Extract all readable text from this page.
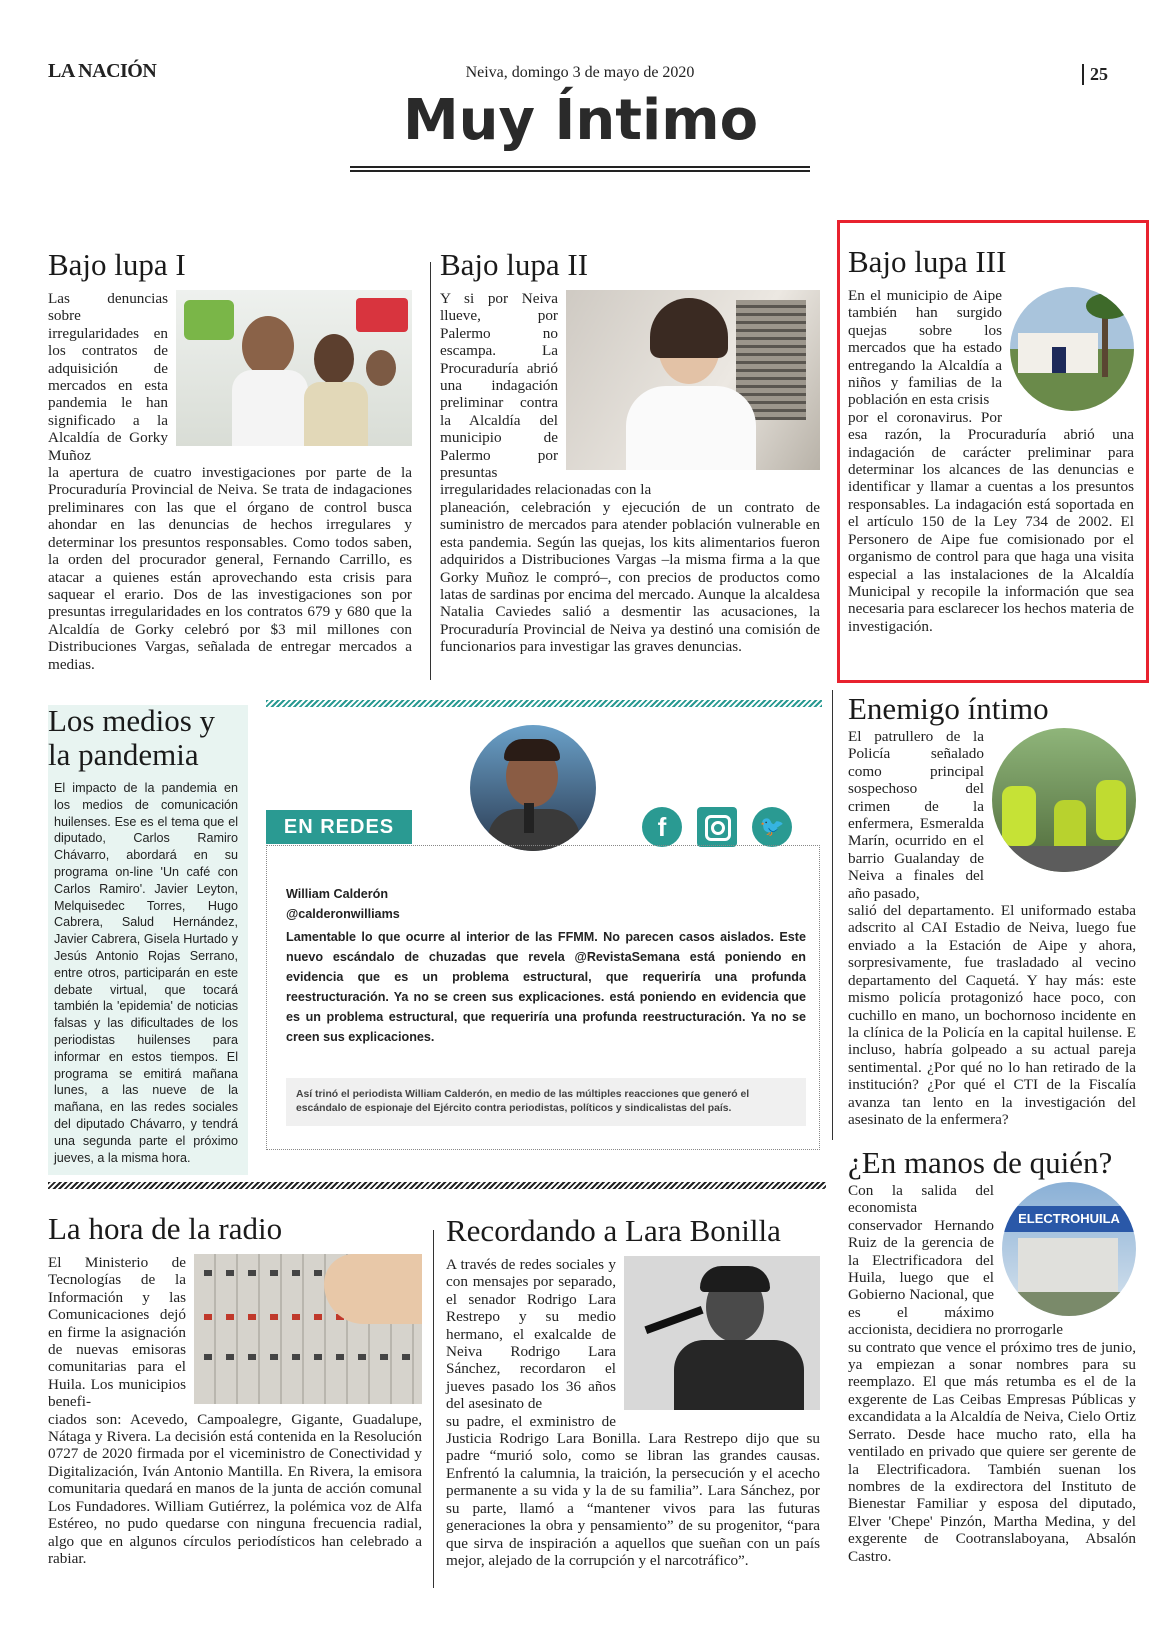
LA NACIÓN	Neiva, domingo 3 de mayo de 2020	25
Muy Íntimo
Bajo lupa I

Las denuncias sobre irregularidades en los contratos de adquisición de mercados en esta pandemia le han significado a la Alcaldía de Gorky Muñoz

la apertura de cuatro investigaciones por parte de la Procuraduría Provincial de Neiva. Se trata de indagaciones preliminares con las que el órgano de control busca ahondar en las denuncias de hechos irregulares y determinar los presuntos responsables. Como todos saben, la orden del procurador general, Fernando Carrillo, es atacar a quienes están aprovechando esta crisis para saquear el erario. Dos de las investigaciones son por presuntas irregularidades en los contratos 679 y 680 que la Alcaldía de Gorky celebró por $3 mil millones con Distribuciones Vargas, señalada de entregar mercados a medias.

Bajo lupa II

Y si por Neiva llueve, por Palermo no escampa. La Procuraduría abrió una indagación preliminar contra la Alcaldía del municipio de Palermo por presuntas irregularidades relacionadas con la

planeación, celebración y ejecución de un contrato de suministro de mercados para atender población vulnerable en esta pandemia. Según las quejas, los kits alimentarios fueron adquiridos a Distribuciones Vargas –la misma firma a la que Gorky Muñoz le compró–, con precios de productos como latas de sardinas por encima del mercado. Aunque la alcaldesa Natalia Caviedes salió a desmentir las acusaciones, la Procuraduría Provincial de Neiva ya destinó una comisión de funcionarios para investigar las graves denuncias.

Bajo lupa III

En el municipio de Aipe también han surgido quejas sobre los mercados que ha estado entregando la Alcaldía a niños y familias de la población en esta crisis

por el coronavirus. Por esa razón, la Procuraduría abrió una indagación de carácter preliminar para determinar los alcances de las denuncias e identificar y llamar a cuentas a los presuntos responsables. La indagación está soportada en el artículo 150 de la Ley 734 de 2002. El Personero de Aipe fue comisionado por el organismo de control para que haga una visita especial a las instalaciones de la Alcaldía Municipal y recopile la información que sea necesaria para esclarecer los hechos materia de investigación.

Los medios y la pandemia
El impacto de la pandemia en los medios de comunicación huilenses. Ese es el tema que el diputado, Carlos Ramiro Chávarro, abordará en su programa on-line 'Un café con Carlos Ramiro'. Javier Leyton, Melquisedec Torres, Hugo Cabrera, Salud Hernández, Javier Cabrera, Gisela Hurtado y Jesús Antonio Rojas Serrano, entre otros, participarán en este debate virtual, que tocará también la 'epidemia' de noticias falsas y las dificultades de los periodistas huilenses para informar en estos tiempos. El programa se emitirá mañana lunes, a las nueve de la mañana, en las redes sociales del diputado Chávarro, y tendrá una segunda parte el próximo jueves, a la misma hora.
EN REDES	f	🐦
William Calderón
@calderonwilliams
Lamentable lo que ocurre al interior de las FFMM. No parecen casos aislados. Este nuevo escándalo de chuzadas que revela @RevistaSemana está poniendo en evidencia que es un problema estructural, que requeriría una profunda reestructuración. Ya no se creen sus explicaciones. está poniendo en evidencia que es un problema estructural, que requeriría una profunda reestructuración. Ya no se creen sus explicaciones.
Así trinó el periodista William Calderón, en medio de las múltiples reacciones que generó el escándalo de espionaje del Ejército contra periodistas, políticos y sindicalistas del país.
Enemigo íntimo

El patrullero de la Policía señalado como principal sospechoso del crimen de la enfermera, Esmeralda Marín, ocurrido en el barrio Gualanday de Neiva a finales del año pasado,

salió del departamento. El uniformado estaba adscrito al CAI Estadio de Neiva, luego fue enviado a la Estación de Aipe y ahora, sorpresivamente, fue trasladado al vecino departamento del Caquetá. Y hay más: este mismo policía protagonizó hace poco, con cuchillo en mano, un bochornoso incidente en la clínica de la Policía en la capital huilense. E incluso, habría golpeado a su actual pareja sentimental. ¿Por qué no lo han retirado de la institución? ¿Por qué el CTI de la Fiscalía avanza tan lento en la investigación del asesinato de la enfermera?

La hora de la radio

El Ministerio de Tecnologías de la Información y las Comunicaciones dejó en firme la asignación de nuevas emisoras comunitarias para el Huila. Los municipios benefi-

ciados son: Acevedo, Campoalegre, Gigante, Guadalupe, Nátaga y Rivera. La decisión está contenida en la Resolución 0727 de 2020 firmada por el viceministro de Conectividad y Digitalización, Iván Antonio Mantilla. En Rivera, la emisora comunitaria quedará en manos de la junta de acción comunal Los Fundadores. William Gutiérrez, la polémica voz de Alfa Estéreo, no pudo quedarse con ninguna frecuencia radial, algo que en algunos círculos periodísticos han celebrado a rabiar.

Recordando a Lara Bonilla

A través de redes sociales y con mensajes por separado, el senador Rodrigo Lara Restrepo y su medio hermano, el exalcalde de Neiva Rodrigo Lara Sánchez, recordaron el jueves pasado los 36 años del asesinato de

su padre, el exministro de Justicia Rodrigo Lara Bonilla. Lara Restrepo dijo que su padre “murió solo, como se libran las grandes causas. Enfrentó la calumnia, la traición, la persecución y el acecho permanente a su vida y la de su familia”. Lara Sánchez, por su parte, llamó a “mantener vivos para las futuras generaciones la obra y pensamiento” de su progenitor, “para que sirva de inspiración a aquellos que sueñan con un país mejor, alejado de la corrupción y el narcotráfico”.

¿En manos de quién?
ELECTROHUILA

Con la salida del economista conservador Hernando Ruiz de la gerencia de la Electrificadora del Huila, luego que el Gobierno Nacional, que es el máximo accionista, decidiera no prorrogarle

su contrato que vence el próximo tres de junio, ya empiezan a sonar nombres para su reemplazo. El que más retumba es el de la exgerente de Las Ceibas Empresas Públicas y excandidata a la Alcaldía de Neiva, Cielo Ortiz Serrato. Desde hace mucho rato, ella ha ventilado en privado que quiere ser gerente de la Electrificadora. También suenan los nombres de la exdirectora del Instituto de Bienestar Familiar y esposa del diputado, Elver 'Chepe' Pinzón, Martha Medina, y del exgerente de Cootranslaboyana, Absalón Castro.
